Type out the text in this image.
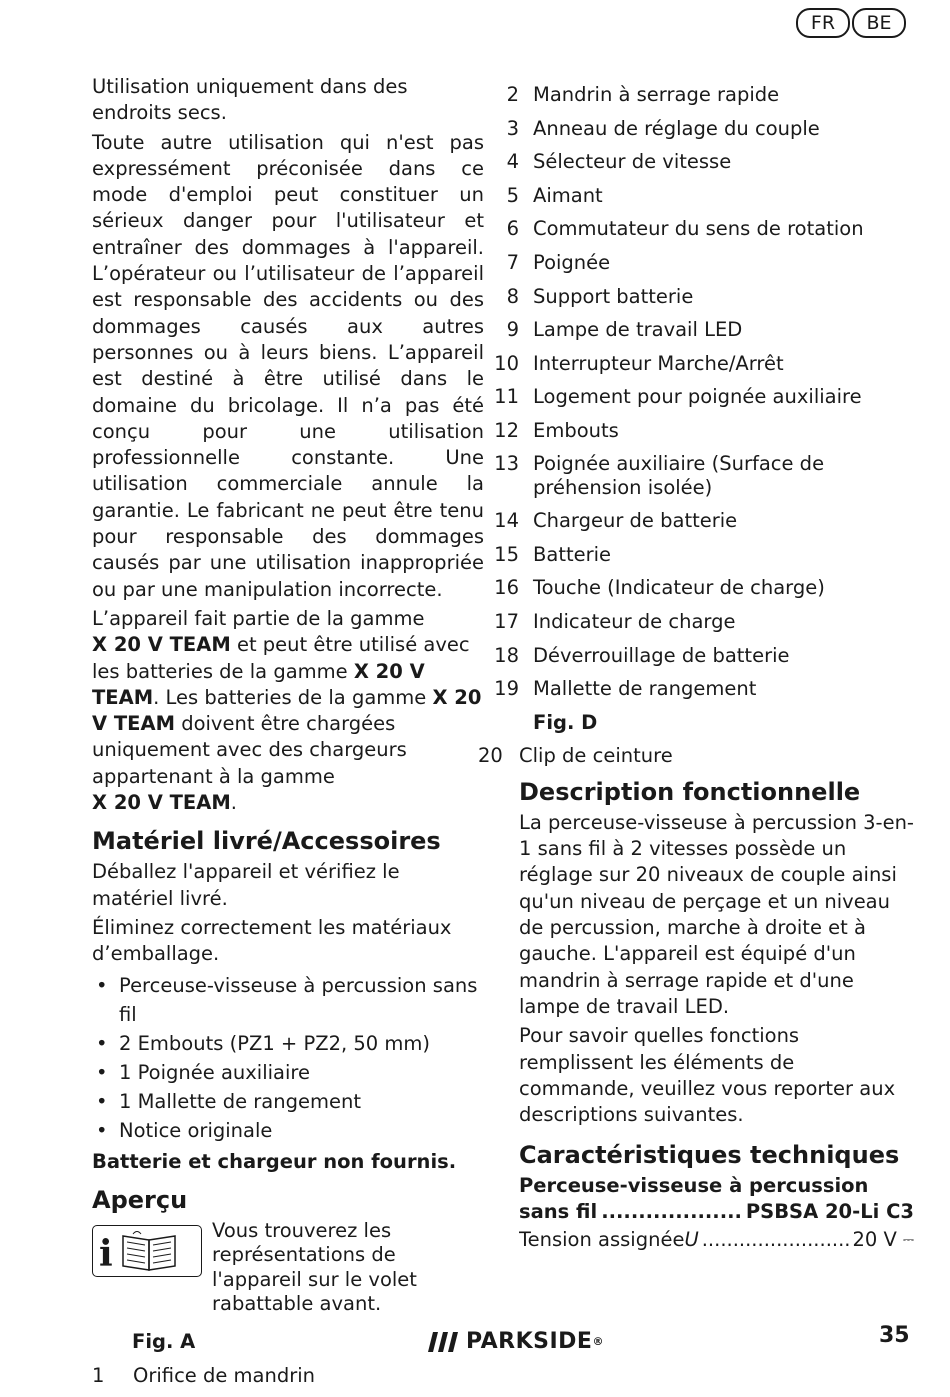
FR	BE

Utilisation uniquement dans des endroits secs.

Toute autre utilisation qui n'est pas expressément préconisée dans ce mode d'emploi peut constituer un sérieux danger pour l'utilisateur et entraîner des dommages à l'appareil. L’opérateur ou l’utilisateur de l’appareil est responsable des accidents ou des dommages causés aux autres personnes ou à leurs biens. L’appareil est destiné à être utilisé dans le domaine du bricolage. Il n’a pas été conçu pour une utilisation professionnelle constante. Une utilisation commerciale annule la garantie. Le fabricant ne peut être tenu pour responsable des dommages causés par une utilisation inappropriée ou par une manipulation incorrecte.

L’appareil fait partie de la gamme
X 20 V TEAM et peut être utilisé avec les batteries de la gamme X 20 V TEAM. Les batteries de la gamme X 20 V TEAM doivent être chargées uniquement avec des chargeurs appartenant à la gamme
X 20 V TEAM.

Matériel livré/Accessoires

Déballez l'appareil et vérifiez le matériel livré.

Éliminez correctement les matériaux d’emballage.

• Perceuse-visseuse à percussion sans fil
• 2 Embouts (PZ1 + PZ2, 50 mm)
• 1 Poignée auxiliaire
• 1 Mallette de rangement
• Notice originale

Batterie et chargeur non fournis.

Aperçu
i
Vous trouverez les représentations de l'appareil sur le volet rabattable avant.
Fig. A
1 Orifice de mandrin
2 Mandrin à serrage rapide
3 Anneau de réglage du couple
4 Sélecteur de vitesse
5 Aimant
6 Commutateur du sens de rotation
7 Poignée
8 Support batterie
9 Lampe de travail LED
10 Interrupteur Marche/Arrêt
11 Logement pour poignée auxiliaire
12 Embouts
13 Poignée auxiliaire (Surface de préhension isolée)
14 Chargeur de batterie
15 Batterie
16 Touche (Indicateur de charge)
17 Indicateur de charge
18 Déverrouillage de batterie
19 Mallette de rangement
Fig. D
20 Clip de ceinture
Description fonctionnelle

La perceuse-visseuse à percussion 3-en-1 sans fil à 2 vitesses possède un réglage sur 20 niveaux de couple ainsi qu'un niveau de perçage et un niveau de percussion, marche à droite et à gauche. L'appareil est équipé d'un mandrin à serrage rapide et d'une lampe de travail LED.

Pour savoir quelles fonctions remplissent les éléments de commande, veuillez vous reporter aux descriptions suivantes.

Caractéristiques techniques
Perceuse-visseuse à percussion
sans fil .....	PSBSA 20-Li C3
Tension assignée U .....	20 V ⎓
PARKSIDE ®	35
